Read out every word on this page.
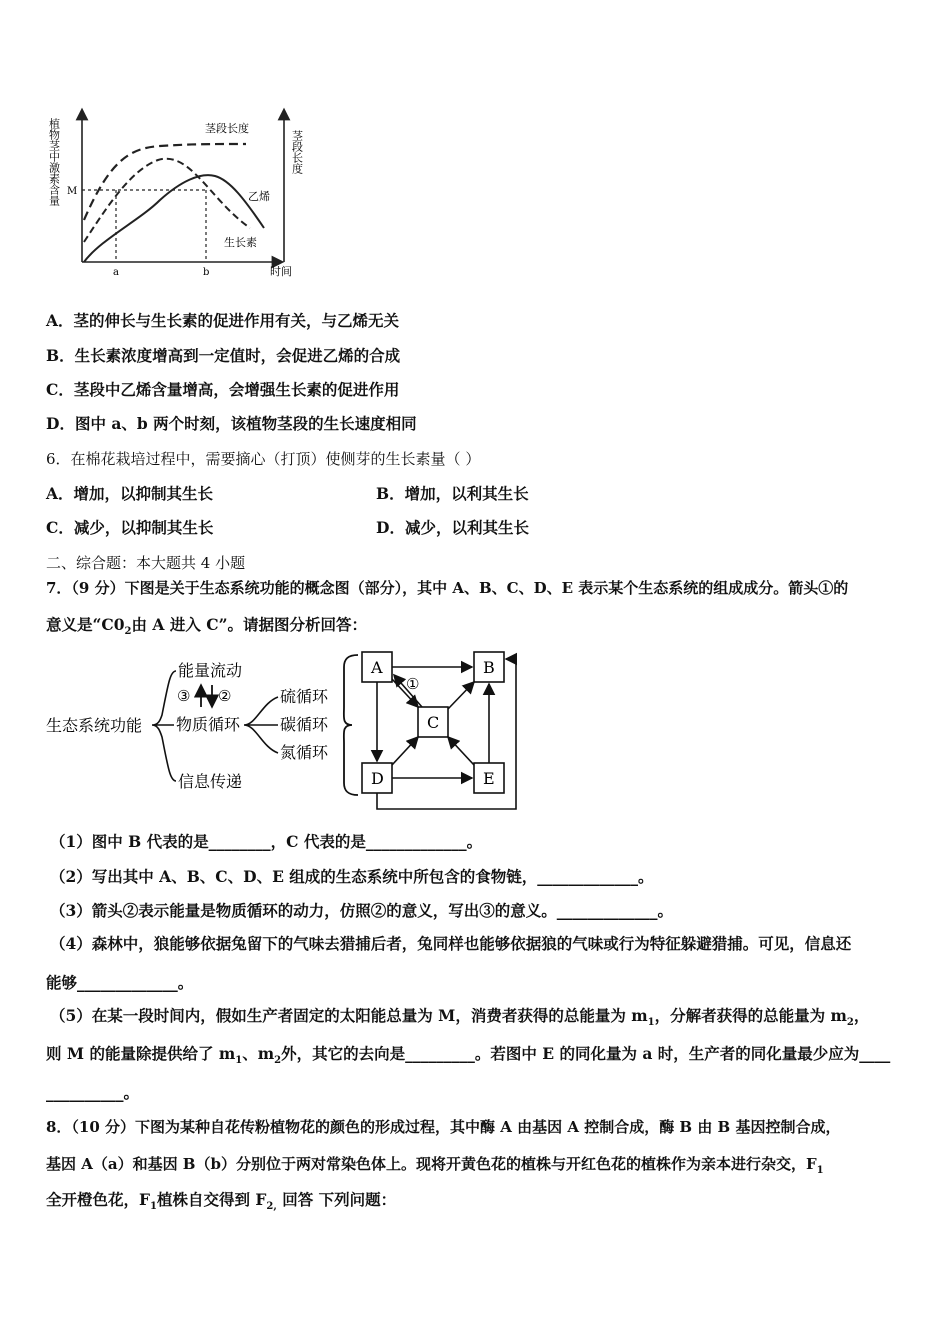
植物茎中激素含量	茎段长度
茎段长度
乙烯
生长素
M
a	b	时间
A．茎的伸长与生长素的促进作用有关，与乙烯无关
B．生长素浓度增高到一定值时，会促进乙烯的合成
C．茎段中乙烯含量增高，会增强生长素的促进作用
D．图中 a、b 两个时刻，该植物茎段的生长速度相同
6．在棉花栽培过程中，需要摘心（打顶）使侧芽的生长素量（ ）
A．增加，以抑制其生长	B．增加，以利其生长
C．减少，以抑制其生长	D．减少，以利其生长
二、综合题：本大题共 4 小题
7．（9 分）下图是关于生态系统功能的概念图（部分），其中 A、B、C、D、E 表示某个生态系统的组成成分。箭头①的
意义是“$C0_2$由 A 进入 C”。请据图分析回答：
生态系统功能
能量流动
物质循环
信息传递
③ ②	硫循环
碳循环
氮循环
A	B
C
D	E
①
（1）图中 B 代表的是________，C 代表的是_____________。
（2）写出其中 A、B、C、D、E 组成的生态系统中所包含的食物链，_____________。
（3）箭头②表示能量是物质循环的动力，仿照②的意义，写出③的意义。_____________。
（4）森林中，狼能够依据兔留下的气味去猎捕后者，兔同样也能够依据狼的气味或行为特征躲避猎捕。可见，信息还
能够_____________。
（5）在某一段时间内，假如生产者固定的太阳能总量为 M，消费者获得的总能量为 $m_1$，分解者获得的总能量为 $m_2$，
则 M 的能量除提供给了 $m_1$、$m_2$外，其它的去向是_________。若图中 E 的同化量为 a 时，生产者的同化量最少应为____
__________。
8．（10 分）下图为某种自花传粉植物花的颜色的形成过程，其中酶 A 由基因 A 控制合成，酶 B 由 B 基因控制合成，
基因 A（a）和基因 B（b）分别位于两对常染色体上。现将开黄色花的植株与开红色花的植株作为亲本进行杂交，$F_1$
全开橙色花，$F_1$植株自交得到 $F_{2,}$ 回答 下列问题：
